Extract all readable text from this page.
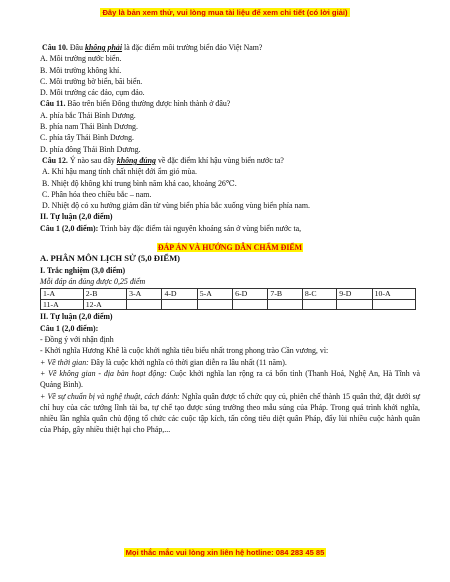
Đây là bản xem thử, vui lòng mua tài liệu để xem chi tiết (có lời giải)
Câu 10. Đâu không phải là đặc điểm môi trường biển đảo Việt Nam?
A. Môi trường nước biển.
B. Môi trường không khí.
C. Môi trường bờ biển, bãi biển.
D. Môi trường các đảo, cụm đảo.
Câu 11. Bão trên biển Đông thường được hình thành ở đâu?
A. phía bắc Thái Bình Dương.
B. phía nam Thái Bình Dương.
C. phía tây Thái Bình Dương.
D. phía đông Thái Bình Dương.
Câu 12. Ý nào sau đây không đúng về đặc điểm khí hậu vùng biển nước ta?
A. Khí hậu mang tính chất nhiệt đới ẩm gió mùa.
B. Nhiệt độ không khí trung bình năm khá cao, khoảng 26℃.
C. Phân hóa theo chiều bắc – nam.
D. Nhiệt độ có xu hướng giảm dần từ vùng biển phía bắc xuống vùng biển phía nam.
II. Tự luận (2,0 điểm)
Câu 1 (2,0 điểm): Trình bày đặc điểm tài nguyên khoáng sản ở vùng biển nước ta,
ĐÁP ÁN VÀ HƯỚNG DẪN CHẤM ĐIỂM
A. PHÂN MÔN LỊCH SỬ (5,0 ĐIỂM)
I. Trắc nghiệm (3,0 điểm)
Mỗi đáp án đúng được 0,25 điểm
1-A	2-B	3-A	4-D	5-A	6-D	7-B	8-C	9-D	10-A
11-A	12-A								
II. Tự luận (2,0 điểm)
Câu 1 (2,0 điểm):
- Đồng ý với nhận định
- Khởi nghĩa Hương Khê là cuộc khởi nghĩa tiêu biểu nhất trong phong trào Cần vương, vì:
+ Về thời gian: Đây là cuộc khởi nghĩa có thời gian diễn ra lâu nhất (11 năm).
+ Về không gian - địa bàn hoạt động: Cuộc khởi nghĩa lan rộng ra cả bốn tỉnh (Thanh Hoá, Nghệ An, Hà Tĩnh và Quảng Bình).
+ Về sự chuẩn bị và nghệ thuật, cách đánh: Nghĩa quân được tổ chức quy củ, phiên chế thành 15 quân thứ, đặt dưới sự chỉ huy của các tướng lĩnh tài ba, tự chế tạo được súng trường theo mẫu súng của Pháp. Trong quá trình khởi nghĩa, nhiều lần nghĩa quân chủ động tổ chức các cuộc tập kích, tấn công tiêu diệt quân Pháp, đẩy lùi nhiều cuộc hành quân của Pháp, gây nhiều thiệt hại cho Pháp,...
Mọi thắc mắc vui lòng xin liên hệ hotline: 084 283 45 85
